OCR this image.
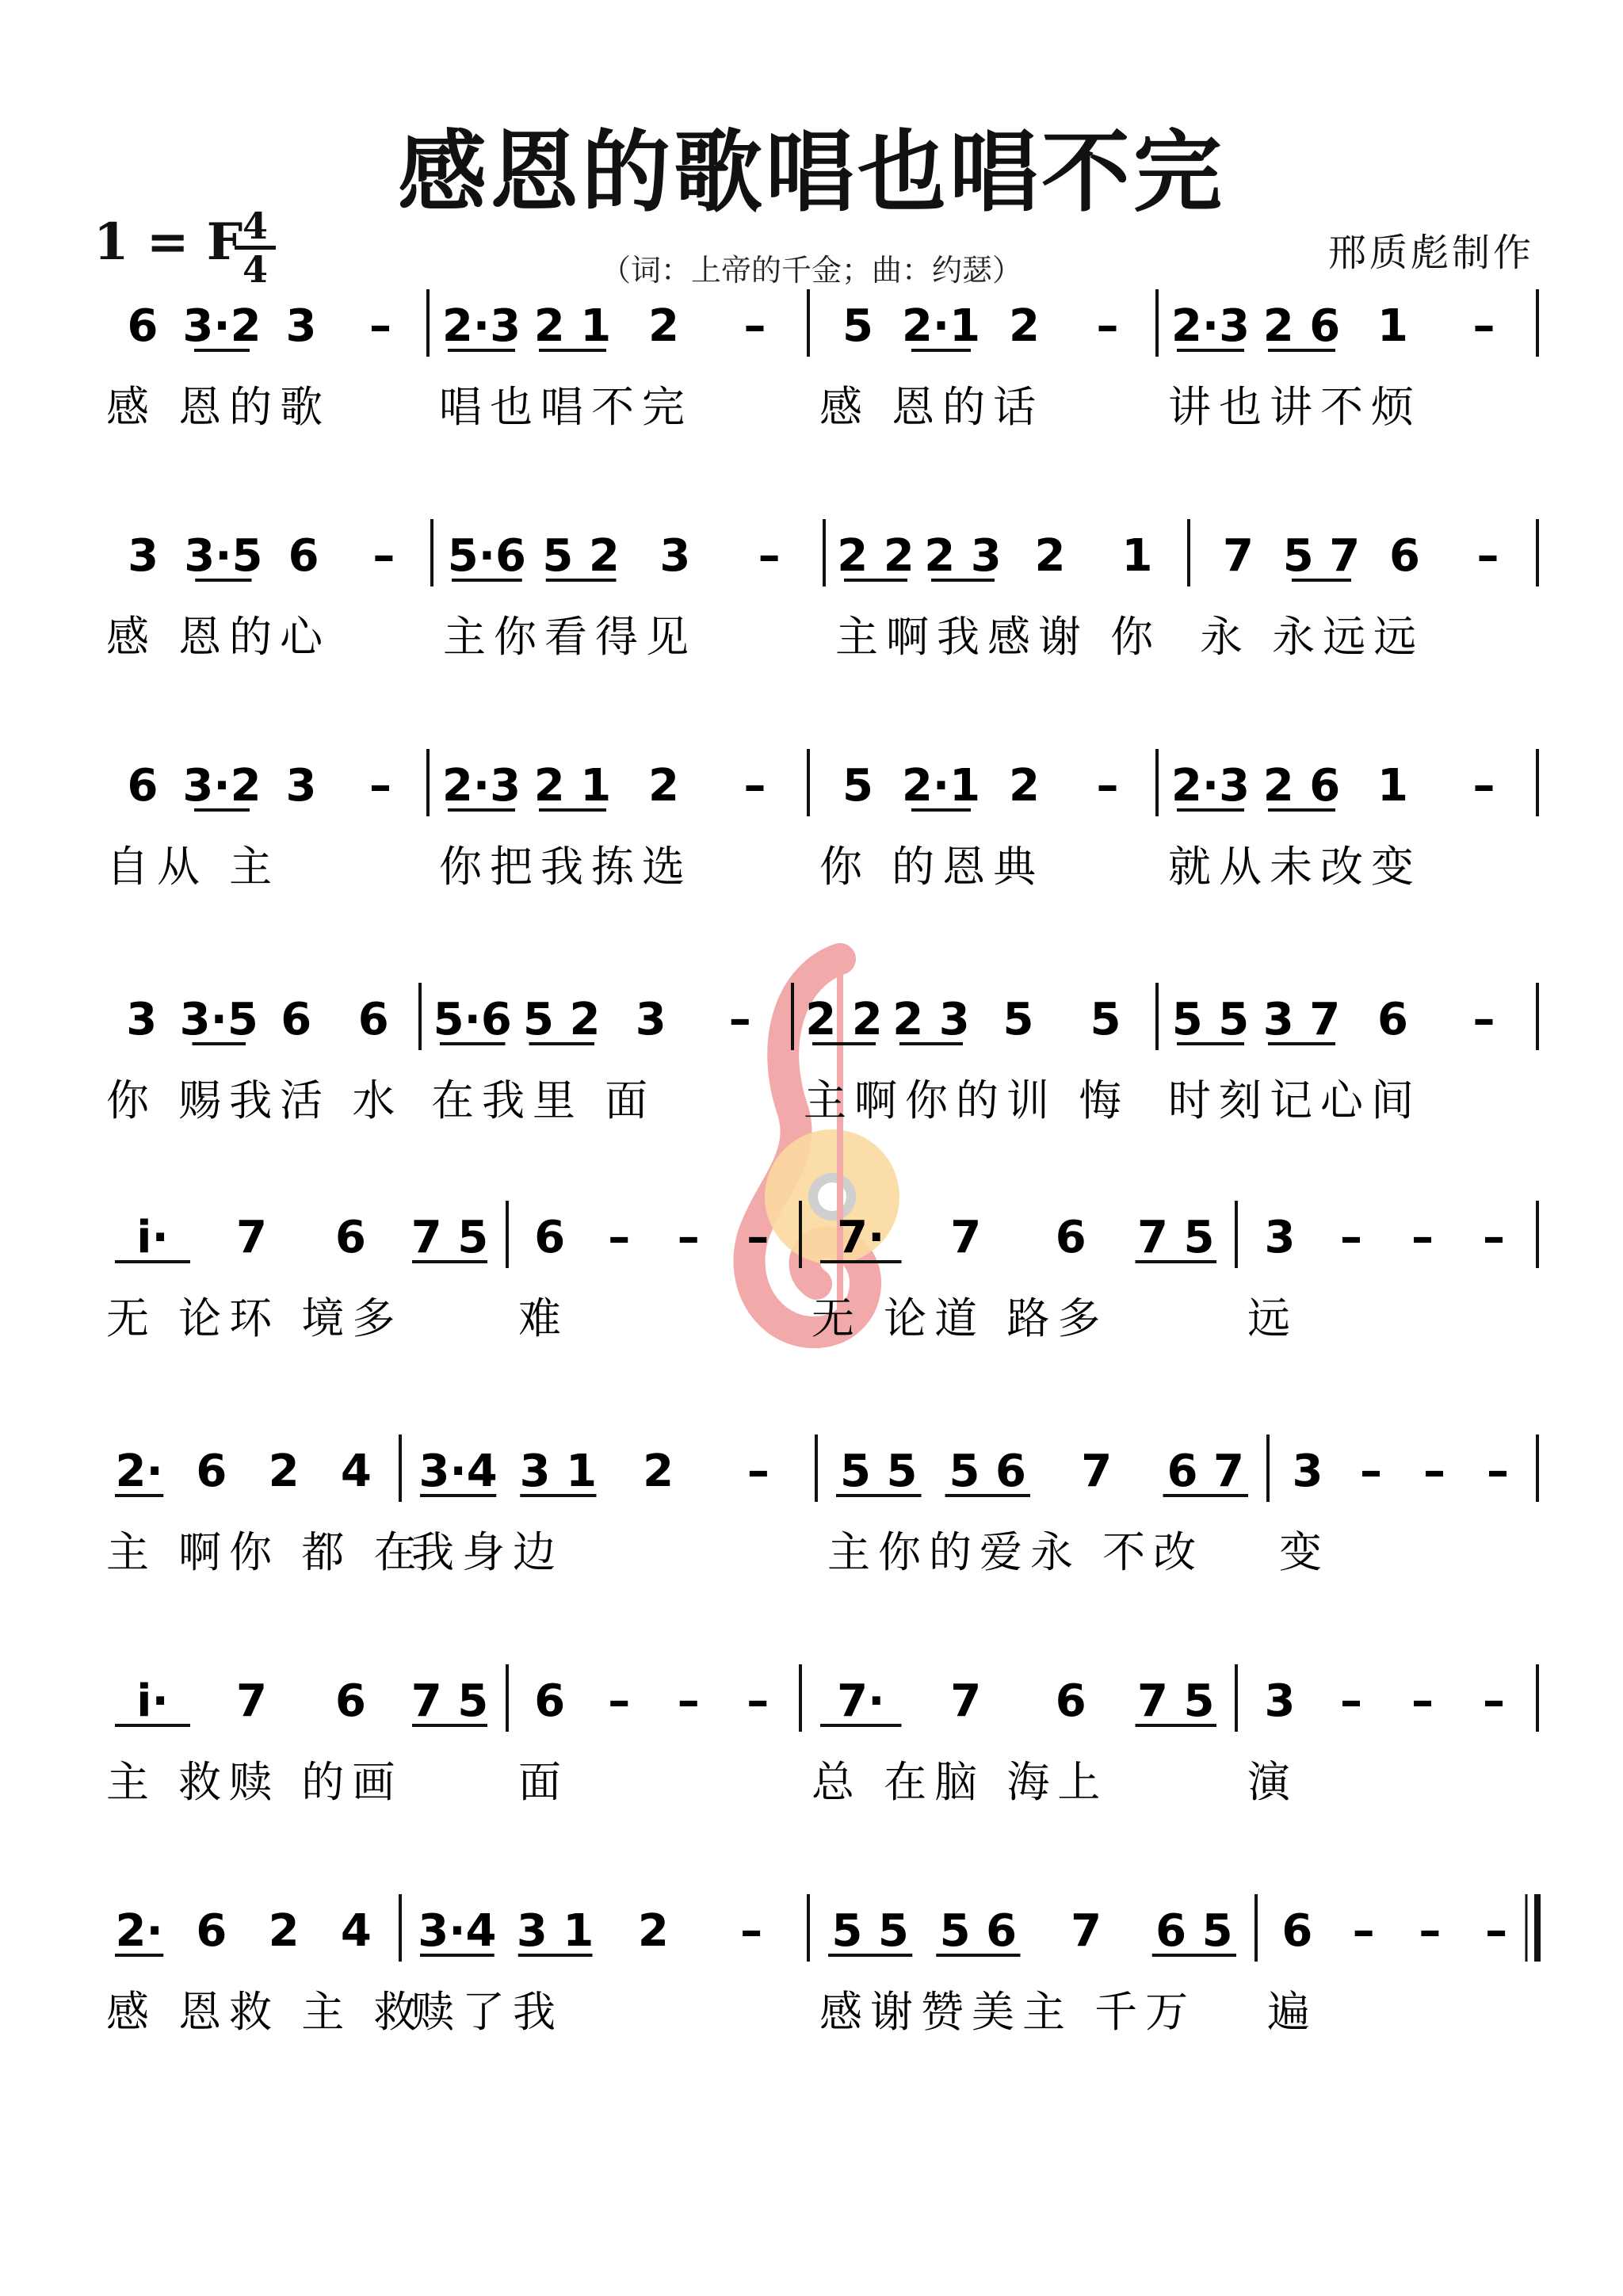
感恩的歌唱也唱不完
1 = F 4
4	（词：上帝的千金；曲：约瑟）	邢质彪制作
6 3·2 3 –
感 恩的歌
2·3 2 1 2 –
唱也唱不完
5 2·1 2 –
感 恩的话
2·3 2 6 1 –
讲也讲不烦
3 3·5 6 –
感 恩的心
5·6 5 2 3 –
主你看得见
2 2 2 3 2 1
主啊我感谢 你
7 5 7 6 –
永 永远远
6 3·2 3 –
自从 主
2·3 2 1 2 –
你把我拣选
5 2·1 2 –
你 的恩典
2·3 2 6 1 –
就从未改变
3 3·5 6 6
你 赐我活 水
5·6 5 2 3 –
在我里 面
2 2 2 3 5 5
主啊你的训 悔
5 5 3 7 6 –
时刻记心间
i· 7 6 7 5
无 论环 境多
6 – – –
难
7· 7 6 7 5
无 论道 路多
3 – – –
远
2· 6 2 4
主 啊你 都 在
3·4 3 1 2 –
我身边
5 5 5 6 7 6 7
主你的爱永 不改
3 – – –
变
i· 7 6 7 5
主 救赎 的画
6 – – –
面
7· 7 6 7 5
总 在脑 海上
3 – – –
演
2· 6 2 4
感 恩救 主 救
3·4 3 1 2 –
赎了我
5 5 5 6 7 6 5
感谢赞美主 千万
6 – – –
遍
